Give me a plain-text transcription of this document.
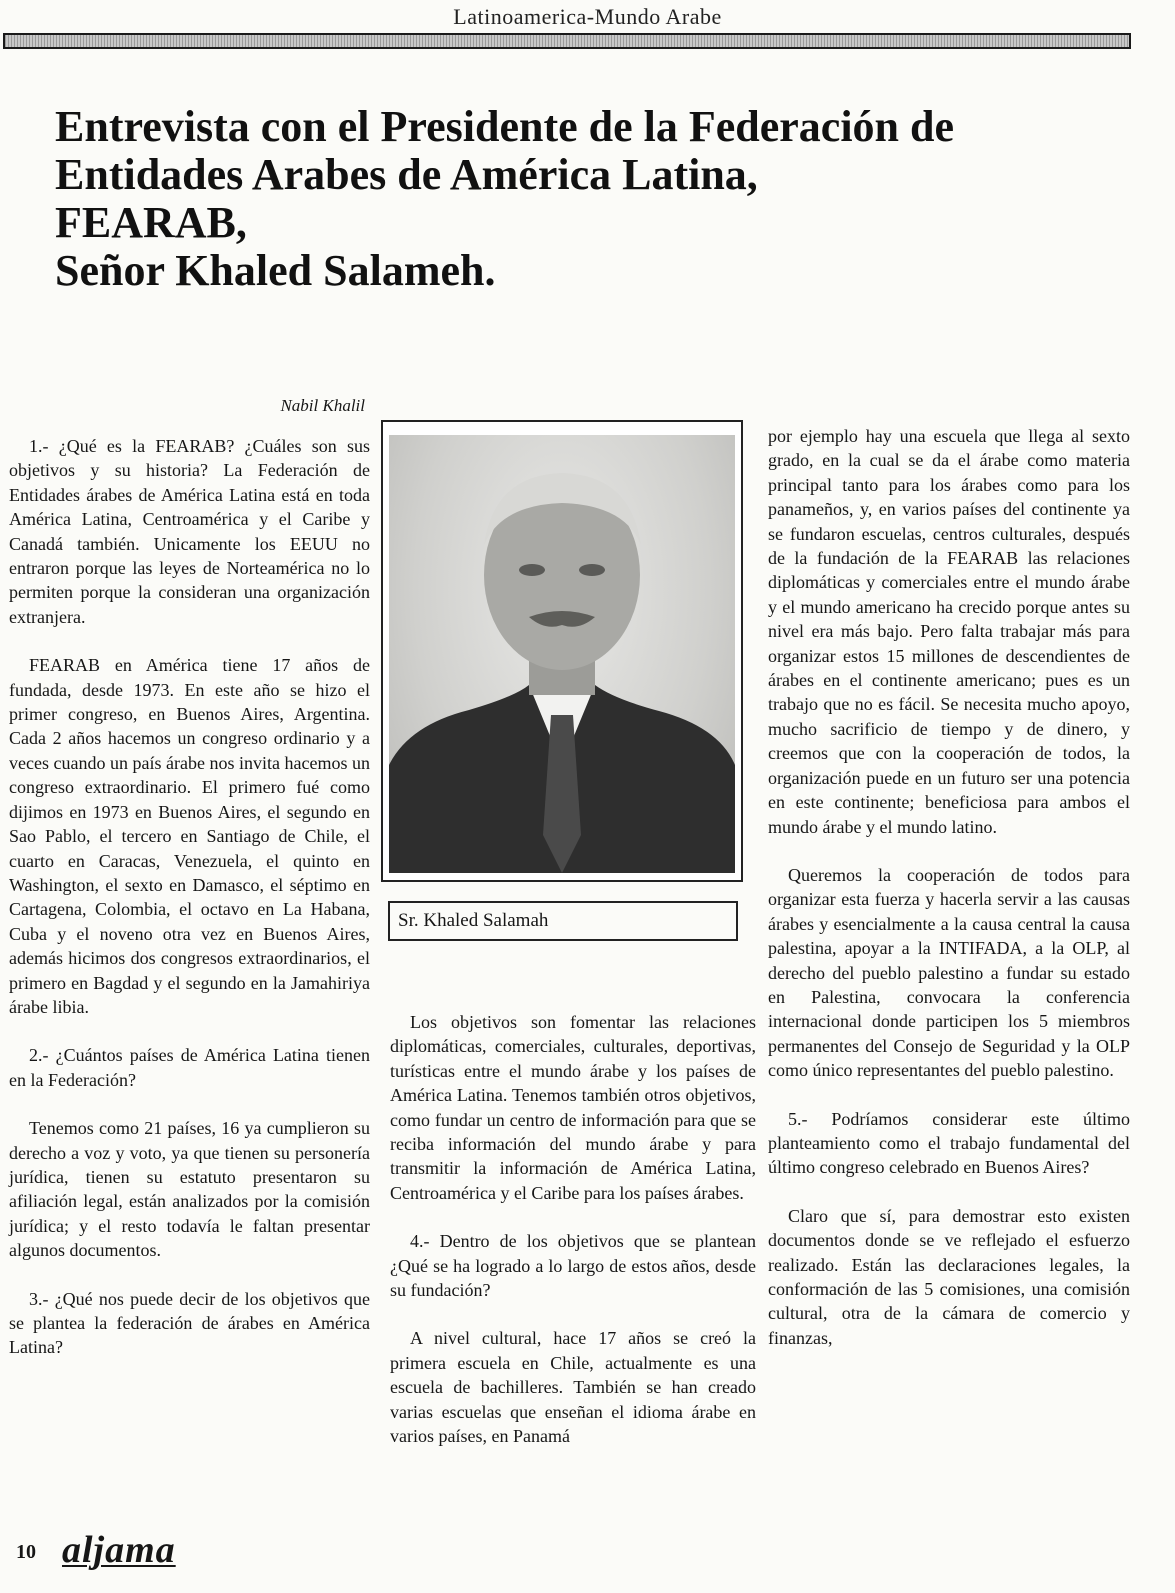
Latinoamerica-Mundo Arabe
Entrevista con el Presidente de la Federación de
Entidades Arabes de América Latina,
FEARAB,
Señor Khaled Salameh.
Nabil Khalil

1.- ¿Qué es la FEARAB? ¿Cuáles son sus objetivos y su historia? La Federación de Entidades árabes de América Latina está en toda América Latina, Centroamérica y el Caribe y Canadá también. Unicamente los EEUU no entraron porque las leyes de Norteamérica no lo permiten porque la consideran una organización extranjera.

FEARAB en América tiene 17 años de fundada, desde 1973. En este año se hizo el primer congreso, en Buenos Aires, Argentina. Cada 2 años hacemos un congreso ordinario y a veces cuando un país árabe nos invita hacemos un congreso extraordinario. El primero fué como dijimos en 1973 en Buenos Aires, el segundo en Sao Pablo, el tercero en Santiago de Chile, el cuarto en Caracas, Venezuela, el quinto en Washington, el sexto en Damasco, el séptimo en Cartagena, Colombia, el octavo en La Habana, Cuba y el noveno otra vez en Buenos Aires, además hicimos dos congresos extraordinarios, el primero en Bagdad y el segundo en la Jamahiriya árabe libia.

2.- ¿Cuántos países de América Latina tienen en la Federación?

Tenemos como 21 países, 16 ya cumplieron su derecho a voz y voto, ya que tienen su personería jurídica, tienen su estatuto presentaron su afiliación legal, están analizados por la comisión jurídica; y el resto todavía le faltan presentar algunos documentos.

3.- ¿Qué nos puede decir de los objetivos que se plantea la federación de árabes en América Latina?

Sr. Khaled Salamah

Los objetivos son fomentar las relaciones diplomáticas, comerciales, culturales, deportivas, turísticas entre el mundo árabe y los países de América Latina. Tenemos también otros objetivos, como fundar un centro de información para que se reciba información del mundo árabe y para transmitir la información de América Latina, Centroamérica y el Caribe para los países árabes.

4.- Dentro de los objetivos que se plantean ¿Qué se ha logrado a lo largo de estos años, desde su fundación?

A nivel cultural, hace 17 años se creó la primera escuela en Chile, actualmente es una escuela de bachilleres. También se han creado varias escuelas que enseñan el idioma árabe en varios países, en Panamá

por ejemplo hay una escuela que llega al sexto grado, en la cual se da el árabe como materia principal tanto para los árabes como para los panameños, y, en varios países del continente ya se fundaron escuelas, centros culturales, después de la fundación de la FEARAB las relaciones diplomáticas y comerciales entre el mundo árabe y el mundo americano ha crecido porque antes su nivel era más bajo. Pero falta trabajar más para organizar estos 15 millones de descendientes de árabes en el continente americano; pues es un trabajo que no es fácil. Se necesita mucho apoyo, mucho sacrificio de tiempo y de dinero, y creemos que con la cooperación de todos, la organización puede en un futuro ser una potencia en este continente; beneficiosa para ambos el mundo árabe y el mundo latino.

Queremos la cooperación de todos para organizar esta fuerza y hacerla servir a las causas árabes y esencialmente a la causa central la causa palestina, apoyar a la INTIFADA, a la OLP, al derecho del pueblo palestino a fundar su estado en Palestina, convocara la conferencia internacional donde participen los 5 miembros permanentes del Consejo de Seguridad y la OLP como único representantes del pueblo palestino.

5.- Podríamos considerar este último planteamiento como el trabajo fundamental del último congreso celebrado en Buenos Aires?

Claro que sí, para demostrar esto existen documentos donde se ve reflejado el esfuerzo realizado. Están las declaraciones legales, la conformación de las 5 comisiones, una comisión cultural, otra de la cámara de comercio y finanzas,

10 aljama
